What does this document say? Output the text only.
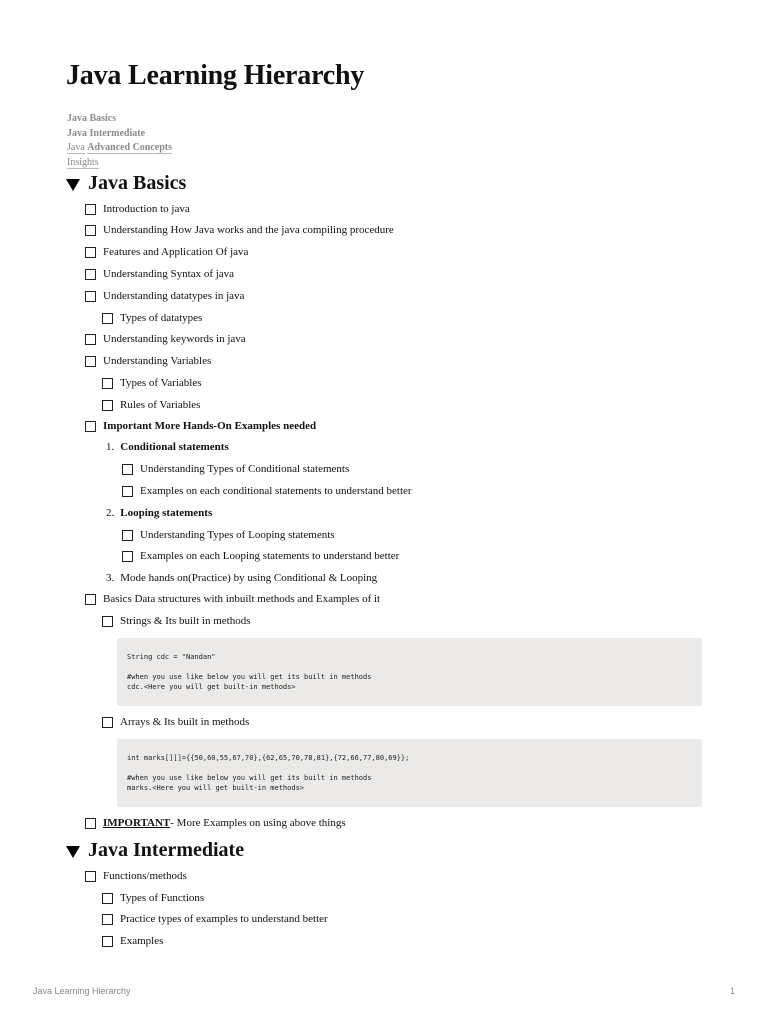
Java Learning Hierarchy
Java Basics
Java Intermediate
Java Advanced Concepts
Insights
Java Basics
Introduction to java
Understanding How Java works and the java compiling procedure
Features and Application Of java
Understanding Syntax of java
Understanding datatypes in java
Types of datatypes
Understanding keywords in java
Understanding Variables
Types of Variables
Rules of Variables
Important More Hands-On Examples needed
1. Conditional statements
Understanding Types of Conditional statements
Examples on each conditional statements to understand better
2. Looping statements
Understanding Types of Looping statements
Examples on each Looping statements to understand better
3. Mode hands on(Practice) by using Conditional & Looping
Basics Data structures with inbuilt methods and Examples of it
Strings & Its built in methods
String cdc = "Nandan"

#when you use like below you will get its built in methods
cdc.<Here you will get built-in methods>
Arrays & Its built in methods
int marks[][]={{50,60,55,67,70},{62,65,70,78,81},{72,66,77,80,69}};

#when you use like below you will get its built in methods
marks.<Here you will get built-in methods>
IMPORTANT - More Examples on using above things
Java Intermediate
Functions/methods
Types of Functions
Practice types of examples to understand better
Examples
Java Learning Hierarchy	1
